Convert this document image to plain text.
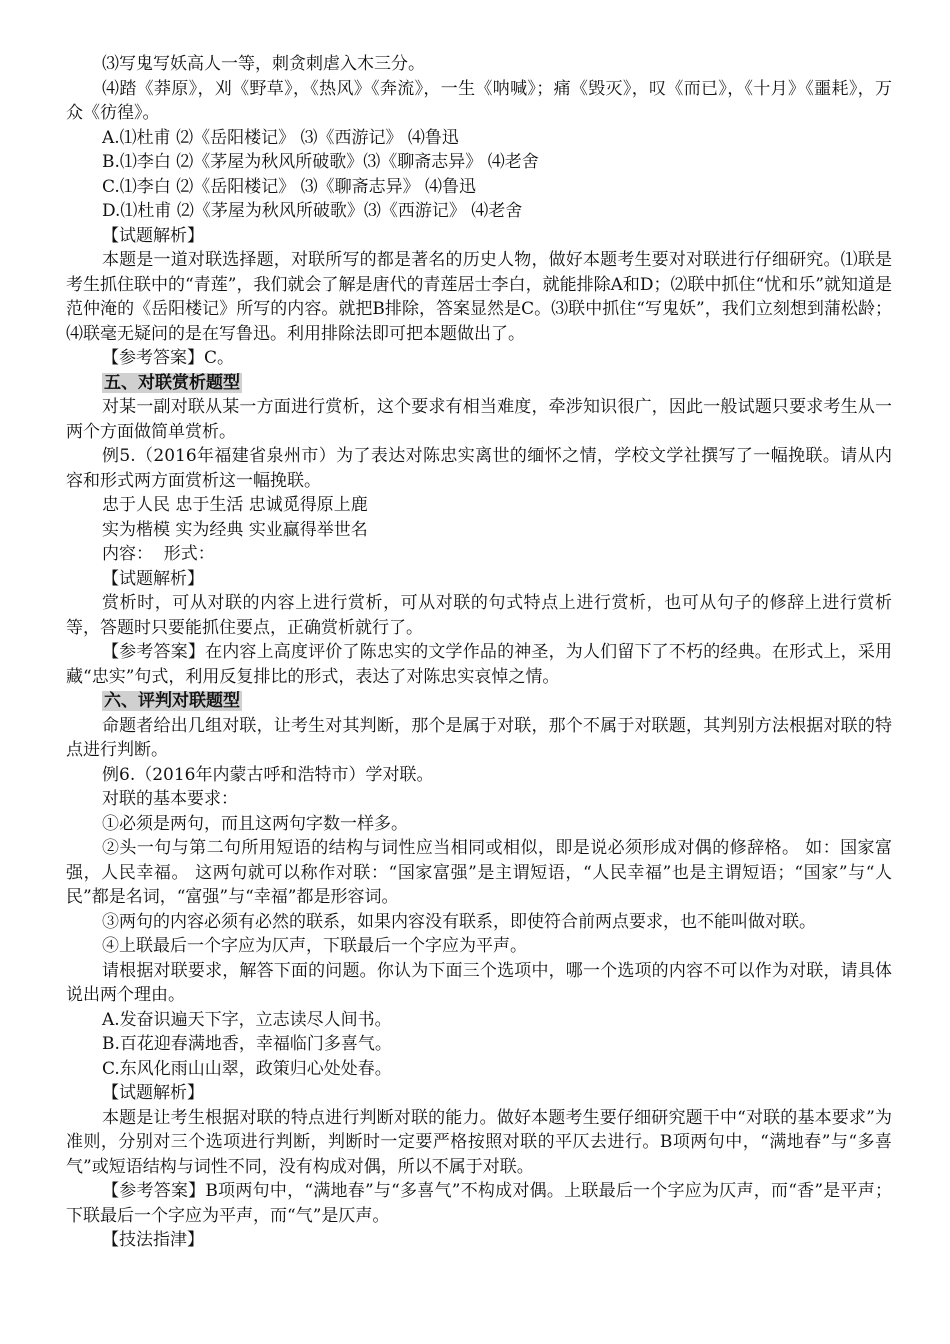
⑶写鬼写妖高人一等，刺贪刺虐入木三分。

⑷踏《莽原》，刈《野草》，《热风》《奔流》，一生《呐喊》；痛《毁灭》，叹《而已》，《十月》《噩耗》，万众《彷徨》。

A.⑴杜甫 ⑵《岳阳楼记》 ⑶《西游记》 ⑷鲁迅

B.⑴李白 ⑵《茅屋为秋风所破歌》⑶《聊斋志异》 ⑷老舍

C.⑴李白 ⑵《岳阳楼记》 ⑶《聊斋志异》 ⑷鲁迅

D.⑴杜甫 ⑵《茅屋为秋风所破歌》⑶《西游记》 ⑷老舍

【试题解析】

本题是一道对联选择题，对联所写的都是著名的历史人物，做好本题考生要对对联进行仔细研究。⑴联是考生抓住联中的“青莲”，我们就会了解是唐代的青莲居士李白，就能排除A和D；⑵联中抓住“忧和乐”就知道是范仲淹的《岳阳楼记》所写的内容。就把B排除，答案显然是C。⑶联中抓住“写鬼妖”，我们立刻想到蒲松龄；⑷联毫无疑问的是在写鲁迅。利用排除法即可把本题做出了。

【参考答案】C。

五、对联赏析题型

对某一副对联从某一方面进行赏析，这个要求有相当难度，牵涉知识很广，因此一般试题只要求考生从一两个方面做简单赏析。

例5.（2016年福建省泉州市）为了表达对陈忠实离世的缅怀之情，学校文学社撰写了一幅挽联。请从内容和形式两方面赏析这一幅挽联。

忠于人民 忠于生活 忠诚觅得原上鹿

实为楷模 实为经典 实业赢得举世名

内容：  形式：

【试题解析】

赏析时，可从对联的内容上进行赏析，可从对联的句式特点上进行赏析，也可从句子的修辞上进行赏析等，答题时只要能抓住要点，正确赏析就行了。

【参考答案】在内容上高度评价了陈忠实的文学作品的神圣，为人们留下了不朽的经典。在形式上，采用藏“忠实”句式，利用反复排比的形式，表达了对陈忠实哀悼之情。

六、评判对联题型

命题者给出几组对联，让考生对其判断，那个是属于对联，那个不属于对联题，其判别方法根据对联的特点进行判断。

例6.（2016年内蒙古呼和浩特市）学对联。

对联的基本要求：

①必须是两句，而且这两句字数一样多。

②头一句与第二句所用短语的结构与词性应当相同或相似，即是说必须形成对偶的修辞格。 如：国家富强，人民幸福。 这两句就可以称作对联：“国家富强”是主谓短语，“人民幸福”也是主谓短语；“国家”与“人民”都是名词，“富强”与“幸福”都是形容词。

③两句的内容必须有必然的联系，如果内容没有联系，即使符合前两点要求，也不能叫做对联。

④上联最后一个字应为仄声，下联最后一个字应为平声。

请根据对联要求，解答下面的问题。你认为下面三个选项中，哪一个选项的内容不可以作为对联，请具体说出两个理由。

A.发奋识遍天下字，立志读尽人间书。

B.百花迎春满地香，幸福临门多喜气。

C.东风化雨山山翠，政策归心处处春。

【试题解析】

本题是让考生根据对联的特点进行判断对联的能力。做好本题考生要仔细研究题干中“对联的基本要求”为准则，分别对三个选项进行判断，判断时一定要严格按照对联的平仄去进行。B项两句中，“满地春”与“多喜气”或短语结构与词性不同，没有构成对偶，所以不属于对联。

【参考答案】B项两句中，“满地春”与“多喜气”不构成对偶。上联最后一个字应为仄声，而“香”是平声；下联最后一个字应为平声，而“气”是仄声。

【技法指津】
